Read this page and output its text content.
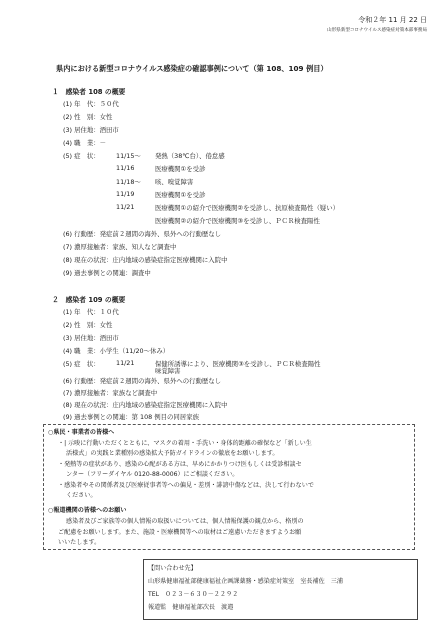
令和２年 11 月 22 日
山形県新型コロナウイルス感染症対策本部事務局
県内における新型コロナウイルス感染症の確認事例について（第 108、109 例目）
１　感染者 108 の概要
(1) 年　代：５０代
(2) 性　別：女性
(3) 居住地：酒田市
(4) 職　業：－
(5) 症　状：	11/15～ 発熱（38℃台）、倦怠感
11/16	医療機関①を受診
11/18～ 咳、嗅覚障害
11/19	医療機関①を受診
11/21	医療機関①の紹介で医療機関②を受診し、抗原検査陽性（疑い）
医療機関②の紹介で医療機関③を受診し、ＰＣＲ検査陽性
(6) 行動歴：発症前２週間の海外、県外への行動歴なし
(7) 濃厚接触者：家族、知人など調査中
(8) 現在の状況：庄内地域の感染症指定医療機関に入院中
(9) 過去事例との関連：調査中
２　感染者 109 の概要
(1) 年　代：１０代
(2) 性　別：女性
(3) 居住地：酒田市
(4) 職　業：小学生（11/20～休み）
(5) 症　状：	11/21	保健所誘導により、医療機関③を受診し、ＰＣＲ検査陽性
味覚障害
(6) 行動歴：発症前２週間の海外、県外への行動歴なし
(7) 濃厚接触者：家族など調査中
(8) 現在の状況：庄内地域の感染症指定医療機関に入院中
○県民・事業者の皆様へ
・| 示唆に行動いただくとともに、マスクの着用・手洗い・身体的距離の確保など「新しい生
活様式」の実践と業種別の感染拡大予防ガイドラインの徹底をお願いします。
・発熱等の症状があり、感染の心配がある方は、早めにかかりつけ医もしくは受診相談セ
ンター（フリーダイヤル 0120-88-0006）にご相談ください。
・感染者やその関係者及び医療従事者等への偏見・差別・誹謗中傷などは、決して行わないで
ください。
○報道機関の皆様へのお願い
感染者及びご家族等の個人情報の取扱いについては、個人情報保護の観点から、格別の
ご配慮をお願いします。また、施設・医療機関等への取材はご遠慮いただきますようお願
いいたします。
【問い合わせ先】
山形県健康福祉部健康福祉企画課薬務・感染症対策室　室長補佐　三浦
TEL　０２３－６３０－２２９２
報道監　健康福祉部次長　渡邉
(9) 過去事例との関連：第 108 例目の同居家族
